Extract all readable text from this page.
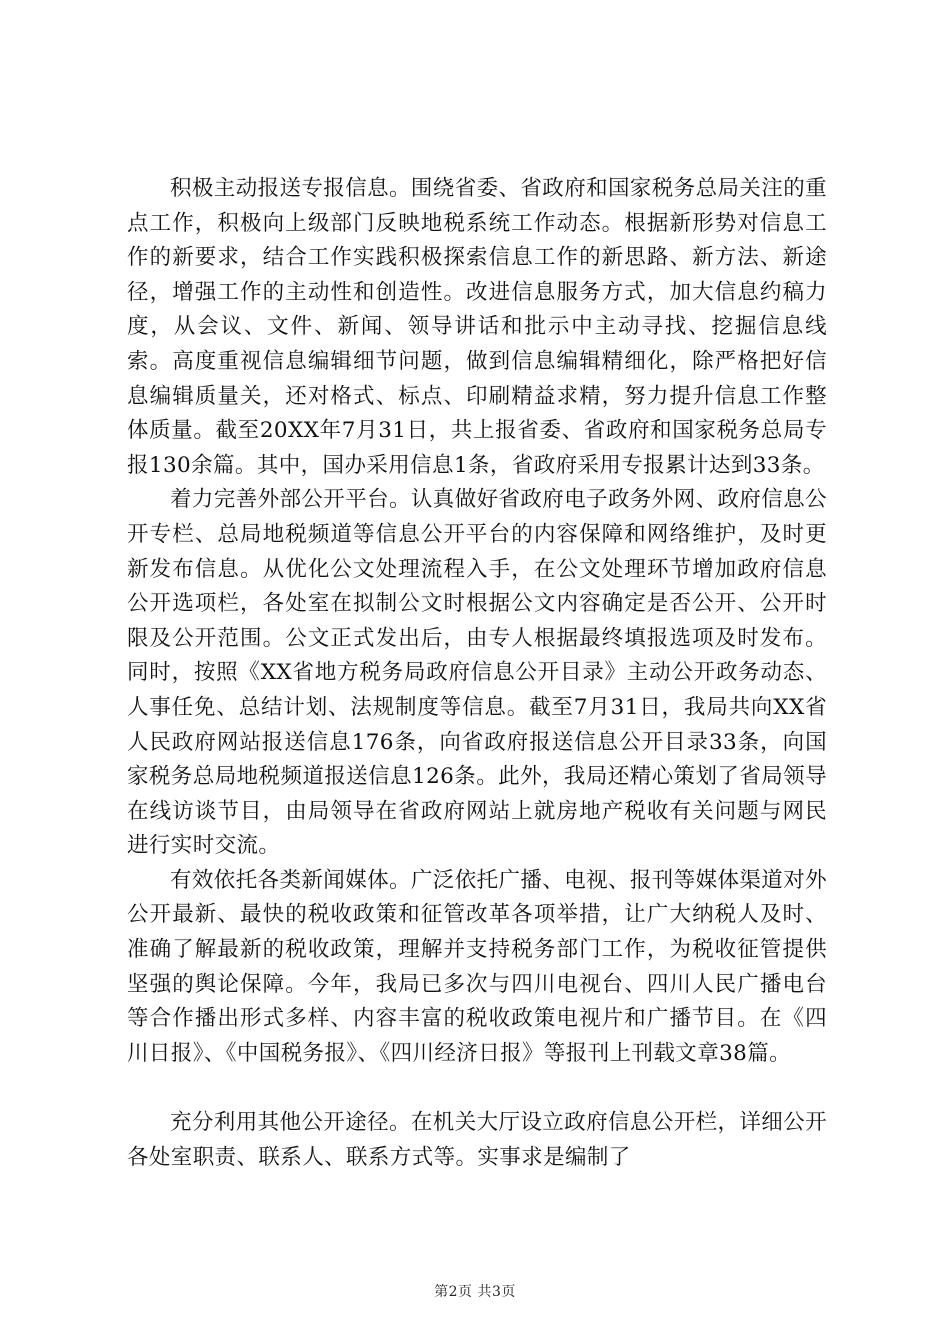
积极主动报送专报信息。围绕省委、省政府和国家税务总局关注的重点工作，积极向上级部门反映地税系统工作动态。根据新形势对信息工作的新要求，结合工作实践积极探索信息工作的新思路、新方法、新途径，增强工作的主动性和创造性。改进信息服务方式，加大信息约稿力度，从会议、文件、新闻、领导讲话和批示中主动寻找、挖掘信息线索。高度重视信息编辑细节问题，做到信息编辑精细化，除严格把好信息编辑质量关，还对格式、标点、印刷精益求精，努力提升信息工作整体质量。截至20XX年7月31日，共上报省委、省政府和国家税务总局专报130余篇。其中，国办采用信息1条，省政府采用专报累计达到33条。

着力完善外部公开平台。认真做好省政府电子政务外网、政府信息公开专栏、总局地税频道等信息公开平台的内容保障和网络维护，及时更新发布信息。从优化公文处理流程入手，在公文处理环节增加政府信息公开选项栏，各处室在拟制公文时根据公文内容确定是否公开、公开时限及公开范围。公文正式发出后，由专人根据最终填报选项及时发布。同时，按照《XX省地方税务局政府信息公开目录》主动公开政务动态、人事任免、总结计划、法规制度等信息。截至7月31日，我局共向XX省人民政府网站报送信息176条，向省政府报送信息公开目录33条，向国家税务总局地税频道报送信息126条。此外，我局还精心策划了省局领导在线访谈节目，由局领导在省政府网站上就房地产税收有关问题与网民进行实时交流。

有效依托各类新闻媒体。广泛依托广播、电视、报刊等媒体渠道对外公开最新、最快的税收政策和征管改革各项举措，让广大纳税人及时、准确了解最新的税收政策，理解并支持税务部门工作，为税收征管提供坚强的舆论保障。今年，我局已多次与四川电视台、四川人民广播电台等合作播出形式多样、内容丰富的税收政策电视片和广播节目。在《四川日报》、《中国税务报》、《四川经济日报》等报刊上刊载文章38篇。

充分利用其他公开途径。在机关大厅设立政府信息公开栏，详细公开各处室职责、联系人、联系方式等。实事求是编制了

第2页 共3页
